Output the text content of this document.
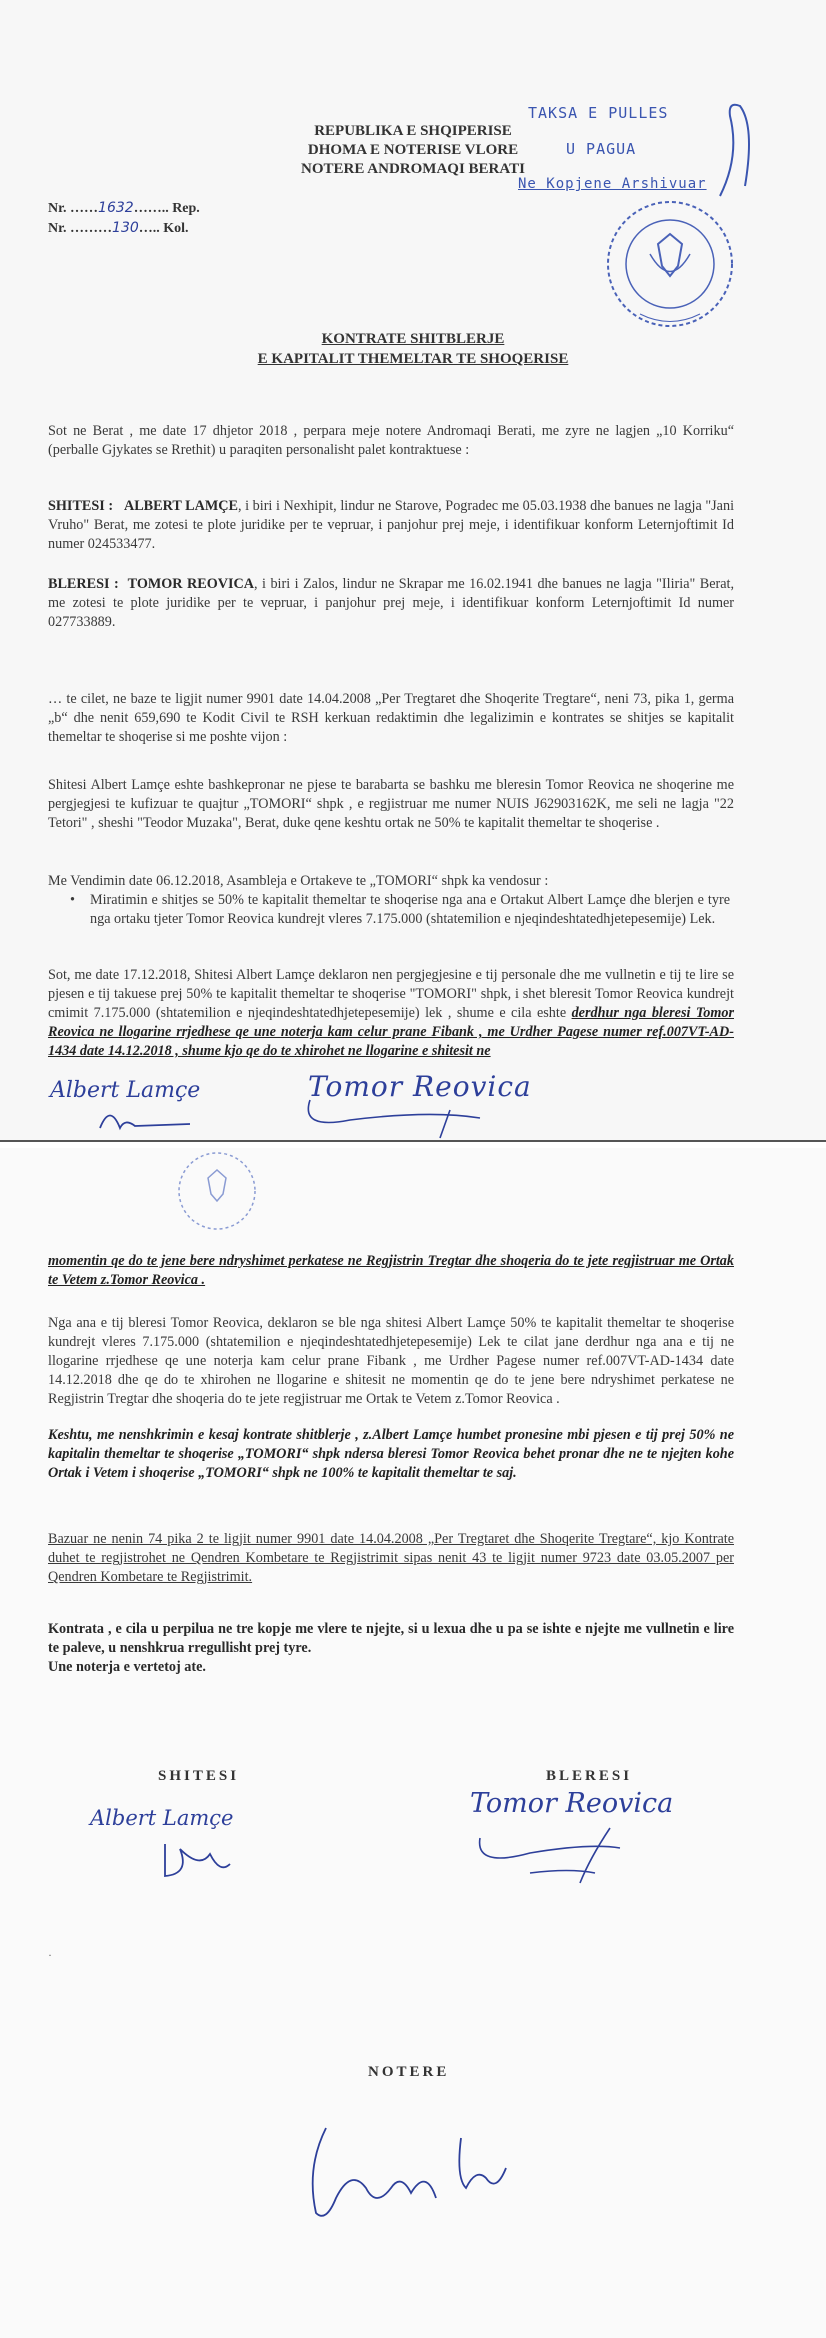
REPUBLIKA E SHQIPERISE
DHOMA E NOTERISE VLORE
NOTERE ANDROMAQI BERATI
TAKSA E PULLES
U PAGUA
Ne Kopjene Arshivuar
Nr. ……1632…….. Rep.
Nr. ………130….. Kol.
KONTRATE SHITBLERJE
E KAPITALIT THEMELTAR TE SHOQERISE
Sot ne Berat , me date 17 dhjetor 2018 , perpara meje notere Andromaqi Berati, me zyre ne lagjen „10 Korriku“ (perballe Gjykates se Rrethit) u paraqiten personalisht palet kontraktuese :
SHITESI : ALBERT LAMÇE, i biri i Nexhipit, lindur ne Starove, Pogradec me 05.03.1938 dhe banues ne lagja "Jani Vruho" Berat, me zotesi te plote juridike per te vepruar, i panjohur prej meje, i identifikuar konform Leternjoftimit Id numer 024533477.
BLERESI : TOMOR REOVICA, i biri i Zalos, lindur ne Skrapar me 16.02.1941 dhe banues ne lagja "Iliria" Berat, me zotesi te plote juridike per te vepruar, i panjohur prej meje, i identifikuar konform Leternjoftimit Id numer 027733889.
… te cilet, ne baze te ligjit numer 9901 date 14.04.2008 „Per Tregtaret dhe Shoqerite Tregtare“, neni 73, pika 1, germa „b“ dhe nenit 659,690 te Kodit Civil te RSH kerkuan redaktimin dhe legalizimin e kontrates se shitjes se kapitalit themeltar te shoqerise si me poshte vijon :
Shitesi Albert Lamçe eshte bashkepronar ne pjese te barabarta se bashku me bleresin Tomor Reovica ne shoqerine me pergjegjesi te kufizuar te quajtur „TOMORI“ shpk , e regjistruar me numer NUIS J62903162K, me seli ne lagja "22 Tetori" , sheshi "Teodor Muzaka", Berat, duke qene keshtu ortak ne 50% te kapitalit themeltar te shoqerise .
Me Vendimin date 06.12.2018, Asambleja e Ortakeve te „TOMORI“ shpk ka vendosur :
• Miratimin e shitjes se 50% te kapitalit themeltar te shoqerise nga ana e Ortakut Albert Lamçe dhe blerjen e tyre nga ortaku tjeter Tomor Reovica kundrejt vleres 7.175.000 (shtatemilion e njeqindeshtatedhjetepesemije) Lek.
Sot, me date 17.12.2018, Shitesi Albert Lamçe deklaron nen pergjegjesine e tij personale dhe me vullnetin e tij te lire se pjesen e tij takuese prej 50% te kapitalit themeltar te shoqerise "TOMORI" shpk, i shet bleresit Tomor Reovica kundrejt cmimit 7.175.000 (shtatemilion e njeqindeshtatedhjetepesemije) lek , shume e cila eshte derdhur nga bleresi Tomor Reovica ne llogarine rrjedhese qe une noterja kam celur prane Fibank , me Urdher Pagese numer ref.007VT-AD-1434 date 14.12.2018 , shume kjo qe do te xhirohet ne llogarine e shitesit ne
Albert Lamçe	Tomor Reovica
momentin qe do te jene bere ndryshimet perkatese ne Regjistrin Tregtar dhe shoqeria do te jete regjistruar me Ortak te Vetem z.Tomor Reovica .
Nga ana e tij bleresi Tomor Reovica, deklaron se ble nga shitesi Albert Lamçe 50% te kapitalit themeltar te shoqerise kundrejt vleres 7.175.000 (shtatemilion e njeqindeshtatedhjetepesemije) Lek te cilat jane derdhur nga ana e tij ne llogarine rrjedhese qe une noterja kam celur prane Fibank , me Urdher Pagese numer ref.007VT-AD-1434 date 14.12.2018 dhe qe do te xhirohen ne llogarine e shitesit ne momentin qe do te jene bere ndryshimet perkatese ne Regjistrin Tregtar dhe shoqeria do te jete regjistruar me Ortak te Vetem z.Tomor Reovica .
Keshtu, me nenshkrimin e kesaj kontrate shitblerje , z.Albert Lamçe humbet pronesine mbi pjesen e tij prej 50% ne kapitalin themeltar te shoqerise „TOMORI“ shpk ndersa bleresi Tomor Reovica behet pronar dhe ne te njejten kohe Ortak i Vetem i shoqerise „TOMORI“ shpk ne 100% te kapitalit themeltar te saj.
Bazuar ne nenin 74 pika 2 te ligjit numer 9901 date 14.04.2008 „Per Tregtaret dhe Shoqerite Tregtare“, kjo Kontrate duhet te regjistrohet ne Qendren Kombetare te Regjistrimit sipas nenit 43 te ligjit numer 9723 date 03.05.2007 per Qendren Kombetare te Regjistrimit.
Kontrata , e cila u perpilua ne tre kopje me vlere te njejte, si u lexua dhe u pa se ishte e njejte me vullnetin e lire te paleve, u nenshkrua rregullisht prej tyre.
Une noterja e vertetoj ate.
SHITESI	BLERESI
Albert Lamçe	Tomor Reovica
·
NOTERE
